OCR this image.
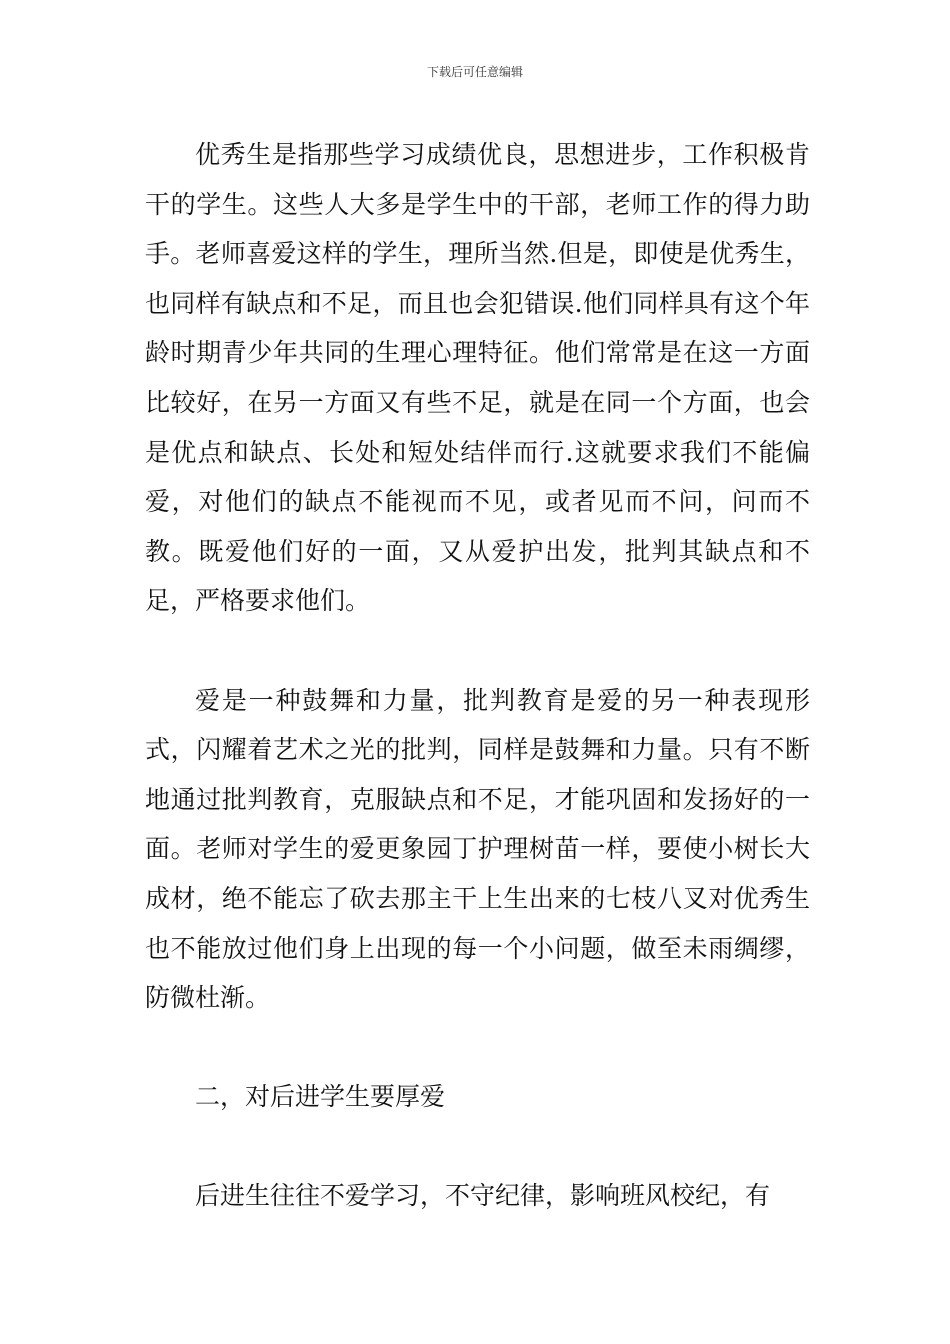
下载后可任意编辑

优秀生是指那些学习成绩优良，思想进步，工作积极肯干的学生。这些人大多是学生中的干部，老师工作的得力助手。老师喜爱这样的学生，理所当然.但是，即使是优秀生，也同样有缺点和不足，而且也会犯错误.他们同样具有这个年龄时期青少年共同的生理心理特征。他们常常是在这一方面比较好，在另一方面又有些不足，就是在同一个方面，也会是优点和缺点、长处和短处结伴而行.这就要求我们不能偏爱，对他们的缺点不能视而不见，或者见而不问，问而不教。既爱他们好的一面，又从爱护出发，批判其缺点和不足，严格要求他们。

爱是一种鼓舞和力量，批判教育是爱的另一种表现形式，闪耀着艺术之光的批判，同样是鼓舞和力量。只有不断地通过批判教育，克服缺点和不足，才能巩固和发扬好的一面。老师对学生的爱更象园丁护理树苗一样，要使小树长大成材，绝不能忘了砍去那主干上生出来的七枝八叉对优秀生也不能放过他们身上出现的每一个小问题，做至未雨绸缪，防微杜渐。

二，对后进学生要厚爱

后进生往往不爱学习，不守纪律，影响班风校纪，有
